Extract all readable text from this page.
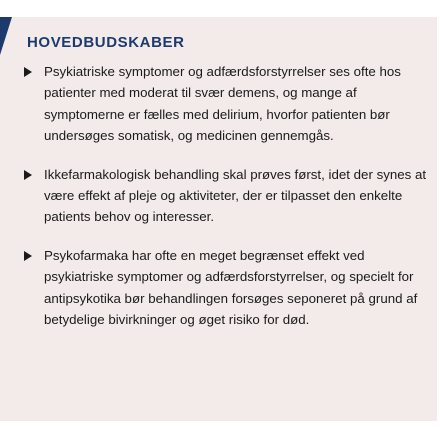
HOVEDBUDSKABER
Psykiatriske symptomer og adfærdsforstyrrelser ses ofte hos patienter med moderat til svær demens, og mange af symptomerne er fælles med delirium, hvorfor patienten bør undersøges somatisk, og medicinen gennemgås.
Ikkefarmakologisk behandling skal prøves først, idet der synes at være effekt af pleje og aktiviteter, der er tilpasset den enkelte patients behov og interesser.
Psykofarmaka har ofte en meget begrænset effekt ved psykiatriske symptomer og adfærdsforstyrrelser, og specielt for antipsykotika bør behandlingen forsøges seponeret på grund af betydelige bivirkninger og øget risiko for død.
